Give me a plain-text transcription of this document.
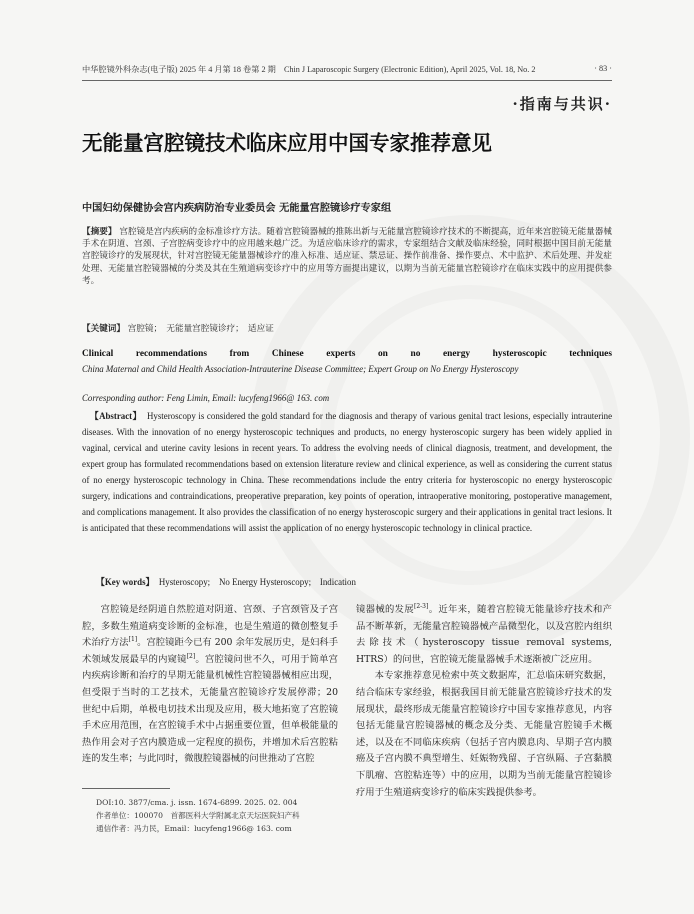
中华腔镜外科杂志(电子版) 2025 年 4 月第 18 卷第 2 期　Chin J Laparoscopic Surgery (Electronic Edition), April 2025, Vol. 18, No. 2	· 83 ·
·指南与共识·
无能量宫腔镜技术临床应用中国专家推荐意见
中国妇幼保健协会宫内疾病防治专业委员会 无能量宫腔镜诊疗专家组

【摘要】 宫腔镜是宫内疾病的金标准诊疗方法。随着宫腔镜器械的推陈出新与无能量宫腔镜诊疗技术的不断提高，近年来宫腔镜无能量器械手术在阴道、宫颈、子宫腔病变诊疗中的应用越来越广泛。为适应临床诊疗的需求，专家组结合文献及临床经验，同时根据中国目前无能量宫腔镜诊疗的发展现状，针对宫腔镜无能量器械诊疗的准入标准、适应证、禁忌证、操作前准备、操作要点、术中监护、术后处理、并发症处理、无能量宫腔镜器械的分类及其在生殖道病变诊疗中的应用等方面提出建议，以期为当前无能量宫腔镜诊疗在临床实践中的应用提供参考。

【关键词】 宫腔镜；　无能量宫腔镜诊疗；　适应证

Clinical recommendations from Chinese experts on no energy hysteroscopic techniques

China Maternal and Child Health Association-Intrauterine Disease Committee; Expert Group on No Energy Hysteroscopy

Corresponding author: Feng Limin, Email: lucyfeng1966@ 163. com

【Abstract】 Hysteroscopy is considered the gold standard for the diagnosis and therapy of various genital tract lesions, especially intrauterine diseases. With the innovation of no energy hysteroscopic techniques and products, no energy hysteroscopic surgery has been widely applied in vaginal, cervical and uterine cavity lesions in recent years. To address the evolving needs of clinical diagnosis, treatment, and development, the expert group has formulated recommendations based on extension literature review and clinical experience, as well as considering the current status of no energy hysteroscopic technology in China. These recommendations include the entry criteria for hysteroscopic no energy hysteroscopic surgery, indications and contraindications, preoperative preparation, key points of operation, intraoperative monitoring, postoperative management, and complications management. It also provides the classification of no energy hysteroscopic surgery and their applications in genital tract lesions. It is anticipated that these recommendations will assist the application of no energy hysteroscopic technology in clinical practice.

【Key words】 Hysteroscopy;　No Energy Hysteroscopy;　Indication

宫腔镜是经阴道自然腔道对阴道、宫颈、子宫颈管及子宫腔，多数生殖道病变诊断的金标准，也是生殖道的微创整复手术治疗方法[1]。宫腔镜距今已有 200 余年发展历史，是妇科手术领域发展最早的内窥镜[2]。宫腔镜问世不久，可用于简单宫内疾病诊断和治疗的早期无能量机械性宫腔镜器械相应出现，但受限于当时的工艺技术，无能量宫腔镜诊疗发展停滞；20 世纪中后期，单极电切技术出现及应用，极大地拓宽了宫腔镜手术应用范围，在宫腔镜手术中占据重要位置，但单极能量的热作用会对子宫内膜造成一定程度的损伤，并增加术后宫腔粘连的发生率；与此同时，微腹腔镜器械的问世推动了宫腔

镜器械的发展[2-3]。近年来，随着宫腔镜无能量诊疗技术和产品不断革新，无能量宫腔镜器械产品微型化，以及宫腔内组织去除技术（hysteroscopy tissue removal systems, HTRS）的问世，宫腔镜无能量器械手术逐渐被广泛应用。

本专家推荐意见检索中英文数据库，汇总临床研究数据，结合临床专家经验，根据我国目前无能量宫腔镜诊疗技术的发展现状，最终形成无能量宫腔镜诊疗中国专家推荐意见，内容包括无能量宫腔镜器械的概念及分类、无能量宫腔镜手术概述，以及在不同临床疾病（包括子宫内膜息肉、早期子宫内膜癌及子宫内膜不典型增生、妊娠物残留、子宫纵隔、子宫黏膜下肌瘤、宫腔粘连等）中的应用，以期为当前无能量宫腔镜诊疗用于生殖道病变诊疗的临床实践提供参考。

DOI:10. 3877/cma. j. issn. 1674-6899. 2025. 02. 004
作者单位：100070　首都医科大学附属北京天坛医院妇产科
通信作者：冯力民，Email：lucyfeng1966@ 163. com
